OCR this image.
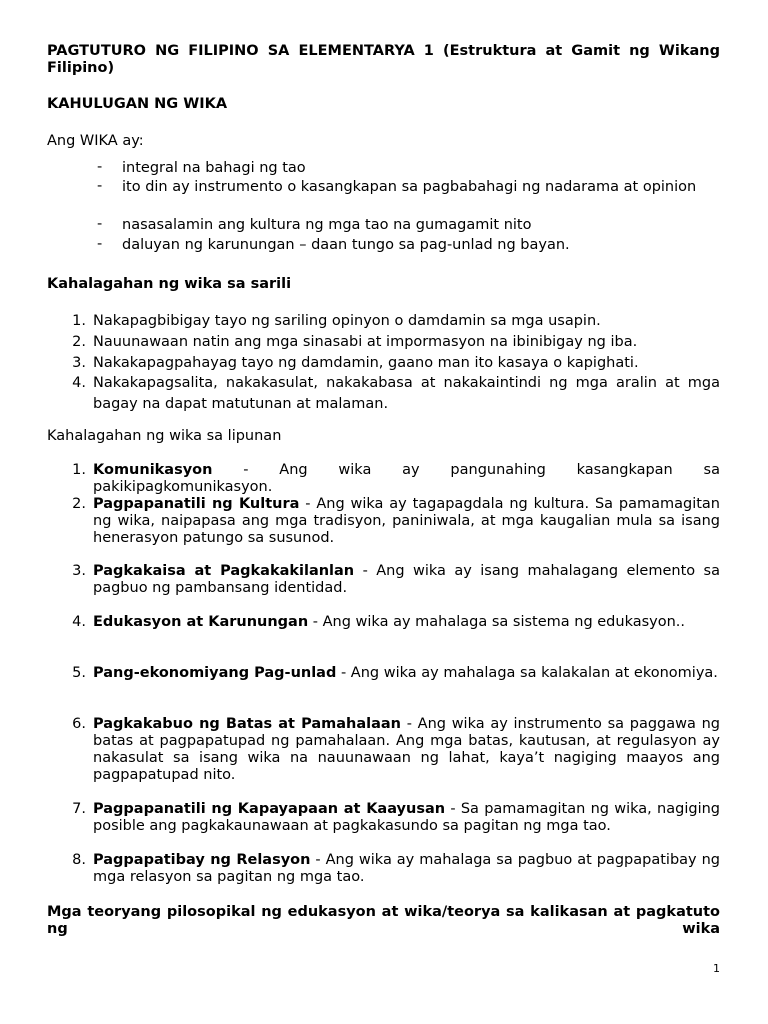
PAGTUTURO NG FILIPINO SA ELEMENTARYA 1 (Estruktura at Gamit ng Wikang Filipino)
KAHULUGAN NG WIKA
Ang WIKA ay:
- integral na bahagi ng tao
- ito din ay instrumento o kasangkapan sa pagbabahagi ng nadarama at opinion
- nasasalamin ang kultura ng mga tao na gumagamit nito
- daluyan ng karunungan – daan tungo sa pag-unlad ng bayan.
Kahalagahan ng wika sa sarili
1. Nakapagbibigay tayo ng sariling opinyon o damdamin sa mga usapin.
2. Nauunawaan natin ang mga sinasabi at impormasyon na ibinibigay ng iba.
3. Nakakapagpahayag tayo ng damdamin, gaano man ito kasaya o kapighati.
4. Nakakapagsalita, nakakasulat, nakakabasa at nakakaintindi ng mga aralin at mga bagay na dapat matutunan at malaman.
Kahalagahan ng wika sa lipunan
1. Komunikasyon - Ang wika ay pangunahing kasangkapan sa pakikipagkomunikasyon.
2. Pagpapanatili ng Kultura - Ang wika ay tagapagdala ng kultura. Sa pamamagitan ng wika, naipapasa ang mga tradisyon, paniniwala, at mga kaugalian mula sa isang henerasyon patungo sa susunod.
3. Pagkakaisa at Pagkakakilanlan - Ang wika ay isang mahalagang elemento sa pagbuo ng pambansang identidad.
4. Edukasyon at Karunungan - Ang wika ay mahalaga sa sistema ng edukasyon..
5. Pang-ekonomiyang Pag-unlad - Ang wika ay mahalaga sa kalakalan at ekonomiya.
6. Pagkakabuo ng Batas at Pamahalaan - Ang wika ay instrumento sa paggawa ng batas at pagpapatupad ng pamahalaan. Ang mga batas, kautusan, at regulasyon ay nakasulat sa isang wika na nauunawaan ng lahat, kaya’t nagiging maayos ang pagpapatupad nito.
7. Pagpapanatili ng Kapayapaan at Kaayusan - Sa pamamagitan ng wika, nagiging posible ang pagkakaunawaan at pagkakasundo sa pagitan ng mga tao.
8. Pagpapatibay ng Relasyon - Ang wika ay mahalaga sa pagbuo at pagpapatibay ng mga relasyon sa pagitan ng mga tao.
Mga teoryang pilosopikal ng edukasyon at wika/teorya sa kalikasan at pagkatuto ng wika
1
